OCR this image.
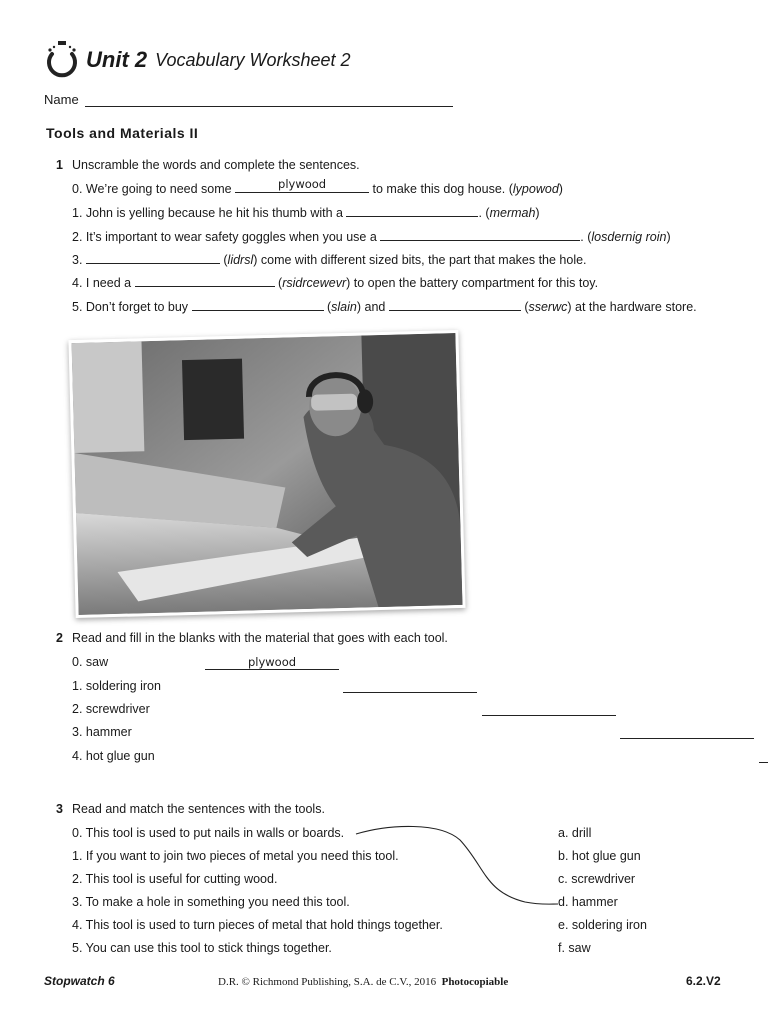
Unit 2 Vocabulary Worksheet 2
Name
Tools and Materials II
1 Unscramble the words and complete the sentences.
0. We’re going to need some	plywood	to make this dog house. (lypowod)
1. John is yelling because he hit his thumb with a	. (mermah)
2. It’s important to wear safety goggles when you use a	. (losdernig roin)
3.	(lidrsl) come with different sized bits, the part that makes the hole.
4. I need a	(rsidrcewevr) to open the battery compartment for this toy.
5. Don’t forget to buy	(slain) and	(sserwc) at the hardware store.
2 Read and fill in the blanks with the material that goes with each tool.
0. saw	plywood

1. soldering iron

2. screwdriver

3. hammer

4. hot glue gun
3 Read and match the sentences with the tools.
0. This tool is used to put nails in walls or boards.
1. If you want to join two pieces of metal you need this tool.
2. This tool is useful for cutting wood.
3. To make a hole in something you need this tool.
4. This tool is used to turn pieces of metal that hold things together.
5. You can use this tool to stick things together.
a. drill
b. hot glue gun
c. screwdriver
d. hammer
e. soldering iron
f. saw
Stopwatch 6	D.R. © Richmond Publishing, S.A. de C.V., 2016 Photocopiable	6.2.V2
